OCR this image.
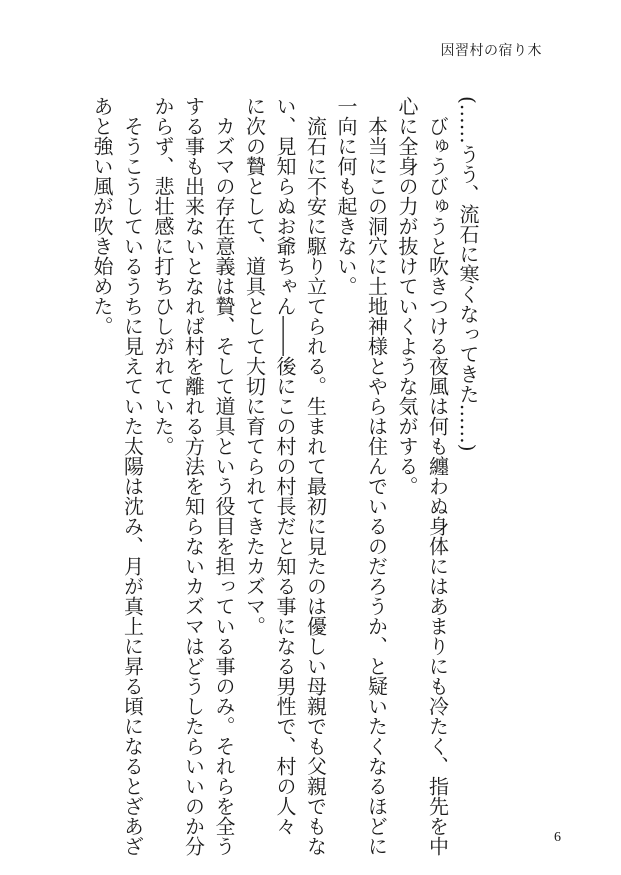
因習村の宿り木

(……うう、流石に寒くなってきた……)

　びゅうびゅうと吹きつける夜風は何も纏わぬ身体にはあまりにも冷たく、指先を中

心に全身の力が抜けていくような気がする。

　本当にこの洞穴に土地神様とやらは住んでいるのだろうか、と疑いたくなるほどに

一向に何も起きない。

　流石に不安に駆り立てられる。生まれて最初に見たのは優しい母親でも父親でもな

い、見知らぬお爺ちゃん――後にこの村の村長だと知る事になる男性で、村の人々

に次の贄として、道具として大切に育てられてきたカズマ。

　カズマの存在意義は贄、そして道具という役目を担っている事のみ。それらを全う

する事も出来ないとなれば村を離れる方法を知らないカズマはどうしたらいいのか分

からず、悲壮感に打ちひしがれていた。

　そうこうしているうちに見えていた太陽は沈み、月が真上に昇る頃になるとざあざ

あと強い風が吹き始めた。

6
